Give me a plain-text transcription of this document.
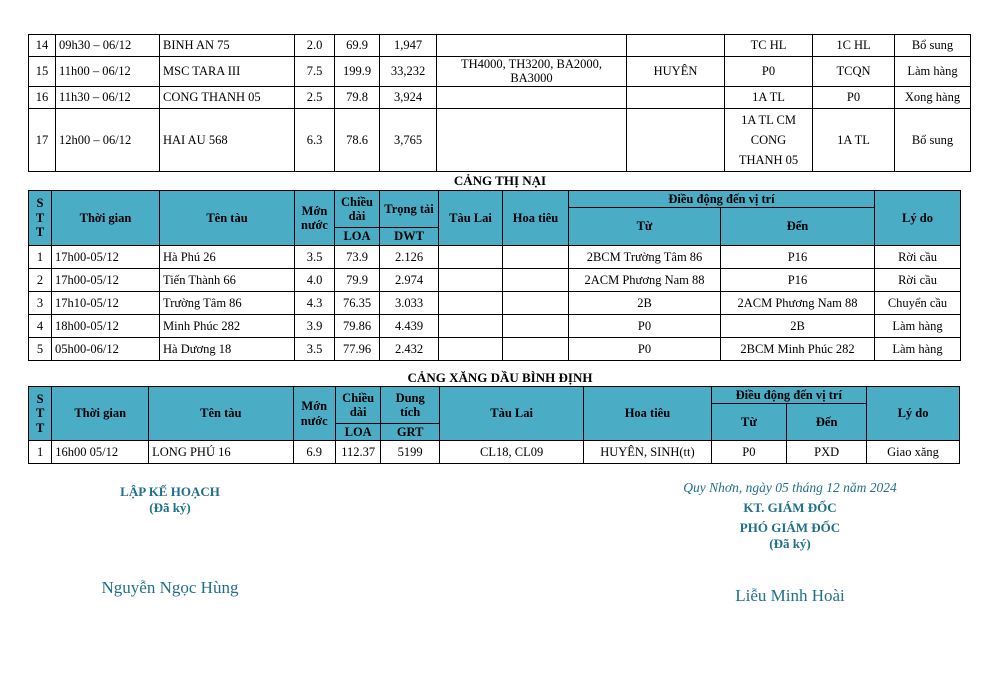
14	09h30 – 06/12	BINH AN 75	2.0	69.9	1,947			TC HL	1C HL	Bổ sung
15	11h00 – 06/12	MSC TARA III	7.5	199.9	33,232	TH4000, TH3200, BA2000, BA3000	HUYÊN	P0	TCQN	Làm hàng
16	11h30 – 06/12	CONG THANH 05	2.5	79.8	3,924			1A TL	P0	Xong hàng
17	12h00 – 06/12	HAI AU 568	6.3	78.6	3,765			1A TL CM CONG THANH 05	1A TL	Bổ sung
CẢNG THỊ NẠI
S T T	Thời gian	Tên tàu	Mớn nước	Chiều dài	Trọng tải	Tàu Lai	Hoa tiêu	Điều động đến vị trí		Lý do
								Từ	Đến	
				LOA	DWT					
1	17h00-05/12	Hà Phú 26	3.5	73.9	2.126			2BCM Trường Tâm 86	P16	Rời cầu
2	17h00-05/12	Tiến Thành 66	4.0	79.9	2.974			2ACM Phương Nam 88	P16	Rời cầu
3	17h10-05/12	Trường Tâm 86	4.3	76.35	3.033			2B	2ACM Phương Nam 88	Chuyển cầu
4	18h00-05/12	Minh Phúc 282	3.9	79.86	4.439			P0	2B	Làm hàng
5	05h00-06/12	Hà Dương 18	3.5	77.96	2.432			P0	2BCM Minh Phúc 282	Làm hàng
CẢNG XĂNG DẦU BÌNH ĐỊNH
S T T	Thời gian	Tên tàu	Mớn nước	Chiều dài	Dung tích	Tàu Lai	Hoa tiêu	Điều động đến vị trí		Lý do
								Từ	Đến	
				LOA	GRT					
1	16h00 05/12	LONG PHÚ 16	6.9	112.37	5199	CL18, CL09	HUYÊN, SINH(tt)	P0	PXD	Giao xăng
LẬP KẾ HOẠCH
(Đã ký)
Nguyễn Ngọc Hùng
Quy Nhơn, ngày 05 tháng 12 năm 2024
KT. GIÁM ĐỐC
PHÓ GIÁM ĐỐC
(Đã ký)
Liễu Minh Hoài
